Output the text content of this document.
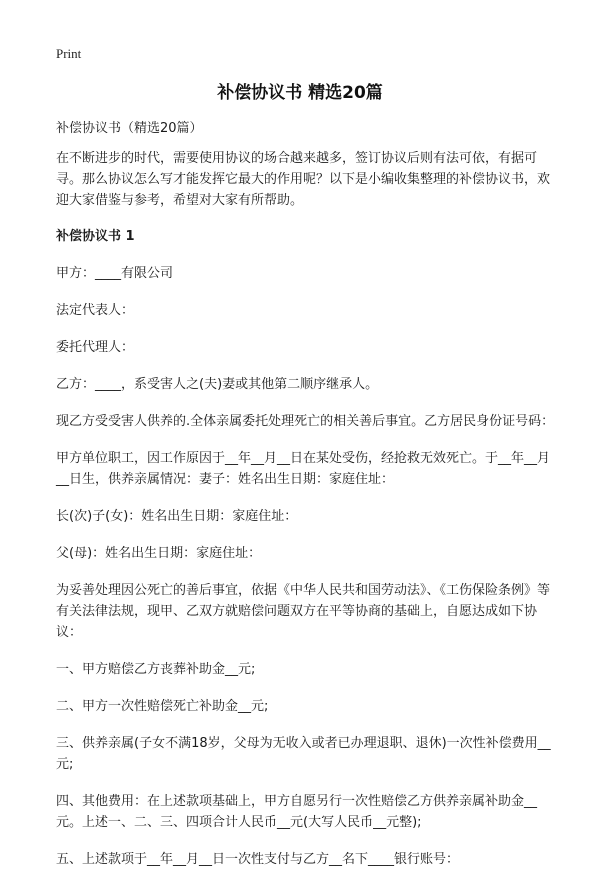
Print
补偿协议书 精选20篇

补偿协议书（精选20篇）

在不断进步的时代，需要使用协议的场合越来越多，签订协议后则有法可依，有据可寻。那么协议怎么写才能发挥它最大的作用呢？以下是小编收集整理的补偿协议书，欢迎大家借鉴与参考，希望对大家有所帮助。

补偿协议书 1

甲方：____有限公司

法定代表人：

委托代理人：

乙方：____，系受害人之(夫)妻或其他第二顺序继承人。

现乙方受受害人供养的.全体亲属委托处理死亡的相关善后事宜。乙方居民身份证号码：

甲方单位职工，因工作原因于__年__月__日在某处受伤，经抢救无效死亡。于__年__月__日生，供养亲属情况：妻子：姓名出生日期：家庭住址：

长(次)子(女)：姓名出生日期：家庭住址：

父(母)：姓名出生日期：家庭住址：

为妥善处理因公死亡的善后事宜，依据《中华人民共和国劳动法》、《工伤保险条例》等有关法律法规，现甲、乙双方就赔偿问题双方在平等协商的基础上，自愿达成如下协议：

一、甲方赔偿乙方丧葬补助金__元;

二、甲方一次性赔偿死亡补助金__元;

三、供养亲属(子女不满18岁，父母为无收入或者已办理退职、退休)一次性补偿费用__元;

四、其他费用：在上述款项基础上，甲方自愿另行一次性赔偿乙方供养亲属补助金__元。上述一、二、三、四项合计人民币__元(大写人民币__元整);

五、上述款项于__年__月__日一次性支付与乙方__名下____银行账号：
